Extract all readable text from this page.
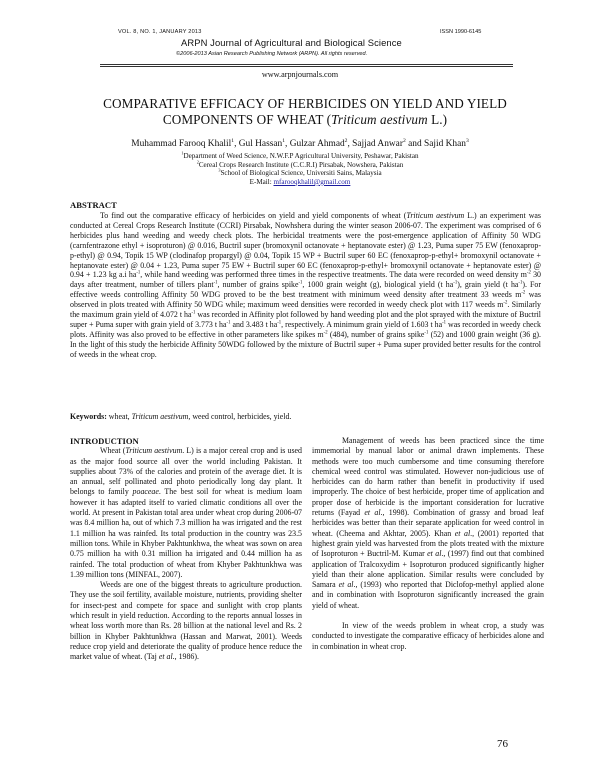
VOL. 8, NO. 1, JANUARY 2013	ISSN 1990-6145
ARPN Journal of Agricultural and Biological Science
©2006-2013 Asian Research Publishing Network (ARPN). All rights reserved.
www.arpnjournals.com
COMPARATIVE EFFICACY OF HERBICIDES ON YIELD AND YIELD
COMPONENTS OF WHEAT (Triticum aestivum L.)
Muhammad Farooq Khalil$^1$, Gul Hassan$^1$, Gulzar Ahmad$^2$, Sajjad Anwar$^2$ and Sajid Khan$^3$
$^1$Department of Weed Science, N.W.F.P Agricultural University, Peshawar, Pakistan
$^2$Cereal Crops Research Institute (C.C.R.I) Pirsabak, Nowshera, Pakistan
$^3$School of Biological Science, Universiti Sains, Malaysia
E-Mail: mfarooqkhalil@gmail.com
ABSTRACT

To find out the comparative efficacy of herbicides on yield and yield components of wheat (Triticum aestivum L.) an experiment was conducted at Cereal Crops Research Institute (CCRI) Pirsabak, Nowhshera during the winter season 2006-07. The experiment was comprised of 6 herbicides plus hand weeding and weedy check plots. The herbicidal treatments were the post-emergence application of Affinity 50 WDG (carnfentrazone ethyl + isoproturon) @ 0.016, Buctril super (bromoxynil octanovate + heptanovate ester) @ 1.23, Puma super 75 EW (fenoxaprop-p-ethyl) @ 0.94, Topik 15 WP (clodinafop propargyl) @ 0.04, Topik 15 WP + Buctril super 60 EC (fenoxaprop-p-ethyl+ bromoxynil octanovate + heptanovate ester) @ 0.04 + 1.23, Puma super 75 EW + Buctril super 60 EC (fenoxaprop-p-ethyl+ bromoxynil octanovate + heptanovate ester) @ 0.94 + 1.23 kg a.i $ha^{-1}$, while hand weeding was performed three times in the respective treatments. The data were recorded on weed density $m^{-2}$ 30 days after treatment, number of tillers plant$^{-1}$, number of grains spike$^{-1}$, 1000 grain weight (g), biological yield (t $ha^{-1}$), grain yield (t $ha^{-1}$). For effective weeds controlling Affinity 50 WDG proved to be the best treatment with minimum weed density after treatment 33 weeds $m^{-2}$ was observed in plots treated with Affinity 50 WDG while; maximum weed densities were recorded in weedy check plot with 117 weeds $m^{-2}$. Similarly the maximum grain yield of 4.072 t $ha^{-1}$ was recorded in Affinity plot followed by hand weeding plot and the plot sprayed with the mixture of Buctril super + Puma super with grain yield of 3.773 t $ha^{-1}$ and 3.483 t $ha^{-1}$, respectively. A minimum grain yield of 1.603 t $ha^{-1}$ was recorded in weedy check plots. Affinity was also proved to be effective in other parameters like spikes $m^{-2}$ (484), number of grains spike$^{-1}$ (52) and 1000 grain weight (36 g). In the light of this study the herbicide Affinity 50WDG followed by the mixture of Buctril super + Puma super provided better results for the control of weeds in the wheat crop.

Keywords: wheat, Triticum aestivum, weed control, herbicides, yield.

INTRODUCTION

Wheat (Triticum aestivum. L) is a major cereal crop and is used as the major food source all over the world including Pakistan. It supplies about 73% of the calories and protein of the average diet. It is an annual, self pollinated and photo periodically long day plant. It belongs to family poaceae. The best soil for wheat is medium loam however it has adapted itself to varied climatic conditions all over the world. At present in Pakistan total area under wheat crop during 2006-07 was 8.4 million ha, out of which 7.3 million ha was irrigated and the rest 1.1 million ha was rainfed. Its total production in the country was 23.5 million tons. While in Khyber Pakhtunkhwa, the wheat was sown on area 0.75 million ha with 0.31 million ha irrigated and 0.44 million ha as rainfed. The total production of wheat from Khyber Pakhtunkhwa was 1.39 million tons (MINFAL, 2007).

Weeds are one of the biggest threats to agriculture production. They use the soil fertility, available moisture, nutrients, providing shelter for insect-pest and compete for space and sunlight with crop plants which result in yield reduction. According to the reports annual losses in wheat loss worth more than Rs. 28 billion at the national level and Rs. 2 billion in Khyber Pakhtunkhwa (Hassan and Marwat, 2001). Weeds reduce crop yield and deteriorate the quality of produce hence reduce the market value of wheat. (Taj et al., 1986).

Management of weeds has been practiced since the time immemorial by manual labor or animal drawn implements. These methods were too much cumbersome and time consuming therefore chemical weed control was stimulated. However non-judicious use of herbicides can do harm rather than benefit in productivity if used improperly. The choice of best herbicide, proper time of application and proper dose of herbicide is the important consideration for lucrative returns (Fayad et al., 1998). Combination of grassy and broad leaf herbicides was better than their separate application for weed control in wheat. (Cheema and Akhtar, 2005). Khan et al., (2001) reported that highest grain yield was harvested from the plots treated with the mixture of Isoproturon + Buctril-M. Kumar et al., (1997) find out that combined application of Tralcoxydim + Isoproturon produced significantly higher yield than their alone application. Similar results were concluded by Samara et al., (1993) who reported that Diclofop-methyl applied alone and in combination with Isoproturon significantly increased the grain yield of wheat.

In view of the weeds problem in wheat crop, a study was conducted to investigate the comparative efficacy of herbicides alone and in combination in wheat crop.

76
